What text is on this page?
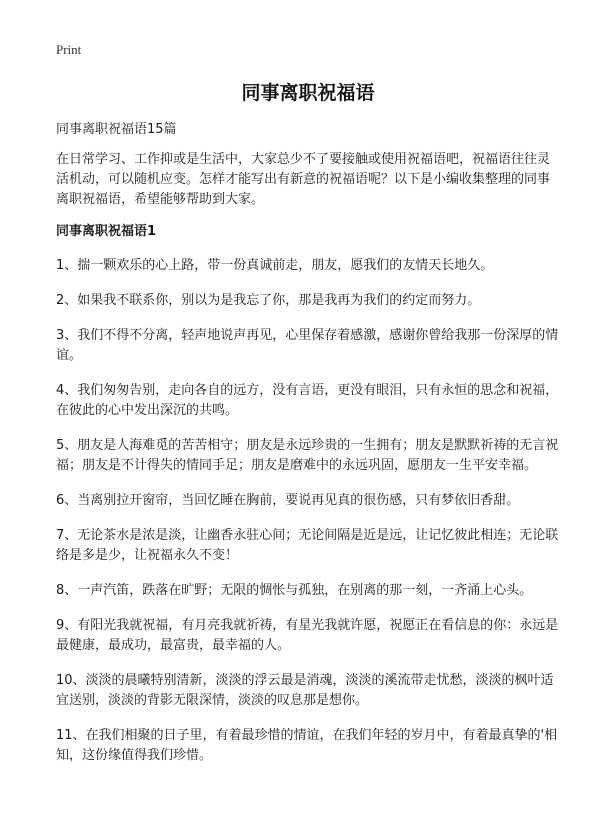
Print

同事离职祝福语

同事离职祝福语15篇

在日常学习、工作抑或是生活中，大家总少不了要接触或使用祝福语吧，祝福语往往灵活机动，可以随机应变。怎样才能写出有新意的祝福语呢？以下是小编收集整理的同事离职祝福语，希望能够帮助到大家。

同事离职祝福语1
1、揣一颗欢乐的心上路，带一份真诚前走，朋友，愿我们的友情天长地久。
2、如果我不联系你，别以为是我忘了你，那是我再为我们的约定而努力。
3、我们不得不分离，轻声地说声再见，心里保存着感激，感谢你曾给我那一份深厚的情谊。
4、我们匆匆告别，走向各自的远方，没有言语，更没有眼泪，只有永恒的思念和祝福，在彼此的心中发出深沉的共鸣。
5、朋友是人海难觅的苦苦相守；朋友是永远珍贵的一生拥有；朋友是默默祈祷的无言祝福；朋友是不计得失的情同手足；朋友是磨难中的永远巩固，愿朋友一生平安幸福。
6、当离别拉开窗帘，当回忆睡在胸前，要说再见真的很伤感，只有梦依旧香甜。
7、无论茶水是浓是淡，让幽香永驻心间；无论间隔是近是远，让记忆彼此相连；无论联络是多是少，让祝福永久不变！
8、一声汽笛，跌落在旷野；无限的惆怅与孤独，在别离的那一刻，一齐涌上心头。
9、有阳光我就祝福，有月亮我就祈祷，有星光我就许愿，祝愿正在看信息的你：永远是最健康，最成功，最富贵，最幸福的人。
10、淡淡的晨曦特别清新，淡淡的浮云最是消魂，淡淡的溪流带走忧愁，淡淡的枫叶适宜送别，淡淡的背影无限深情，淡淡的叹息那是想你。
11、在我们相聚的日子里，有着最珍惜的情谊，在我们年轻的岁月中，有着最真挚的'相知，这份缘值得我们珍惜。
